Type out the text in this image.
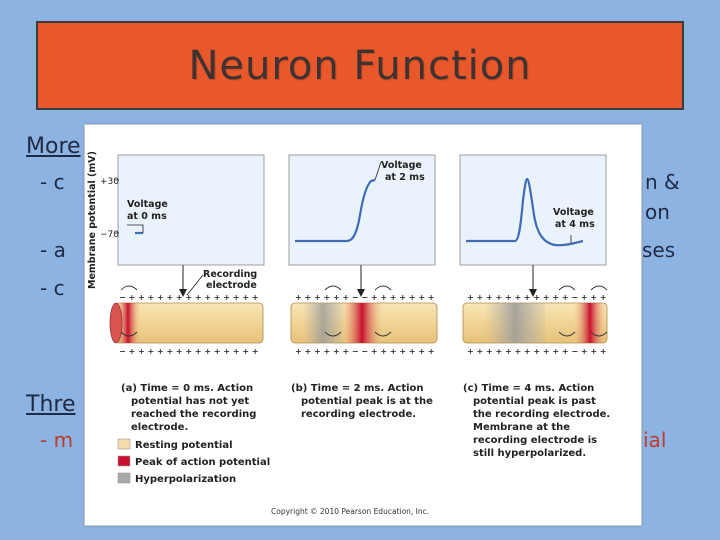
Neuron Function
More
- c	n &
on
- a	ses
- c
Thre
- m	ial
Membrane potential (mV) +30
−70
Voltage
at 0 ms
Voltage
at 2 ms
Voltage
at 4 ms
Recording
electrode
− + + + + + + + + + + + + + +
− + + + + + + + + + + + + + +
+ + + + + + − − + + + + + + +
+ + + + + + − − + + + + + + +
+ + + + + + + + + + + − + + +
+ + + + + + + + + + + − + + +
(a) Time = 0 ms. Action
potential has not yet
reached the recording
electrode.
(b) Time = 2 ms. Action
potential peak is at the
recording electrode.
(c) Time = 4 ms. Action
potential peak is past
the recording electrode.
Membrane at the
recording electrode is
still hyperpolarized.
Resting potential
Peak of action potential
Hyperpolarization
Copyright © 2010 Pearson Education, Inc.
